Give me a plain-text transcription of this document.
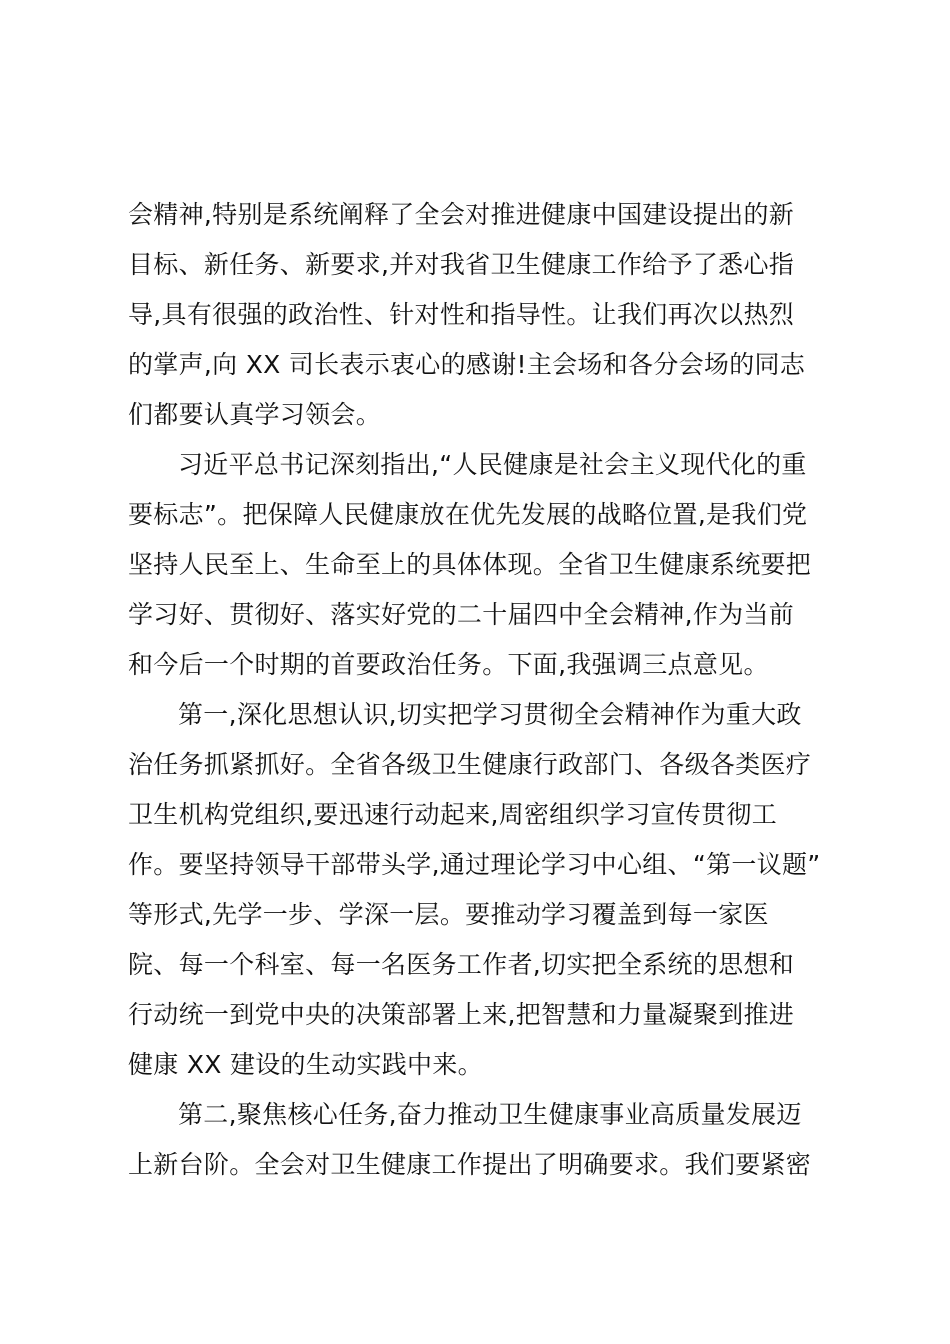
会精神,特别是系统阐释了全会对推进健康中国建设提出的新
目标、新任务、新要求,并对我省卫生健康工作给予了悉心指
导,具有很强的政治性、针对性和指导性。让我们再次以热烈
的掌声,向 XX 司长表示衷心的感谢!主会场和各分会场的同志
们都要认真学习领会。
习近平总书记深刻指出,“人民健康是社会主义现代化的重
要标志”。把保障人民健康放在优先发展的战略位置,是我们党
坚持人民至上、生命至上的具体体现。全省卫生健康系统要把
学习好、贯彻好、落实好党的二十届四中全会精神,作为当前
和今后一个时期的首要政治任务。下面,我强调三点意见。
第一,深化思想认识,切实把学习贯彻全会精神作为重大政
治任务抓紧抓好。全省各级卫生健康行政部门、各级各类医疗
卫生机构党组织,要迅速行动起来,周密组织学习宣传贯彻工
作。要坚持领导干部带头学,通过理论学习中心组、“第一议题”
等形式,先学一步、学深一层。要推动学习覆盖到每一家医
院、每一个科室、每一名医务工作者,切实把全系统的思想和
行动统一到党中央的决策部署上来,把智慧和力量凝聚到推进
健康 XX 建设的生动实践中来。
第二,聚焦核心任务,奋力推动卫生健康事业高质量发展迈
上新台阶。全会对卫生健康工作提出了明确要求。我们要紧密
